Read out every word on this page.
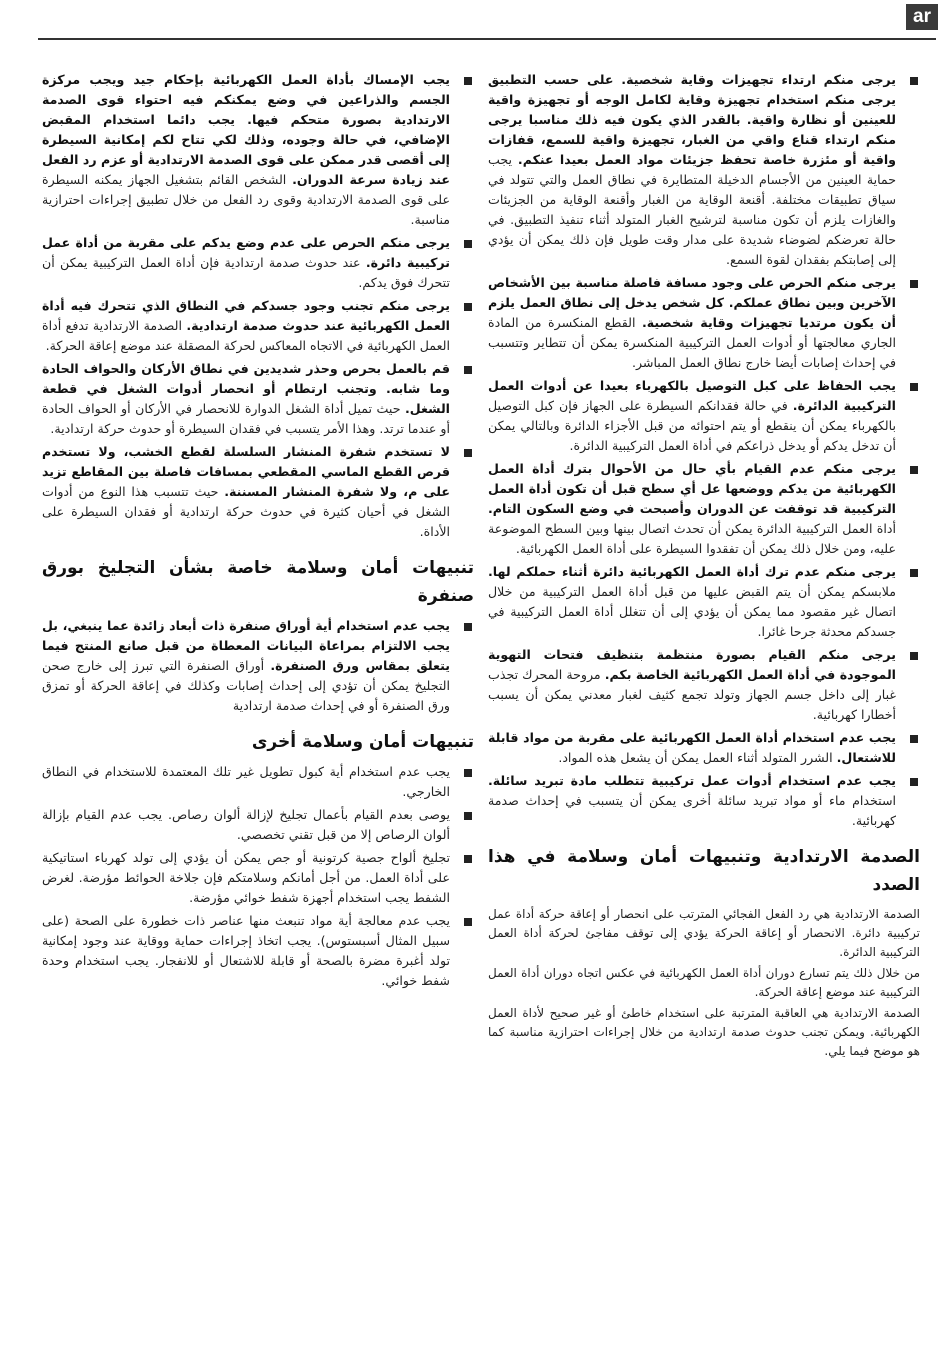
ar
يرجى منكم ارتداء تجهيزات وقاية شخصية. على حسب التطبيق يرجى منكم استخدام تجهيزة وقاية لكامل الوجه أو تجهيزة واقية للعينين أو نظارة واقية. بالقدر الذي يكون فيه ذلك مناسبا يرجى منكم ارتداء قناع واقي من الغبار، تجهيزة واقية للسمع، قفازات واقية أو مئزرة خاصة تحفظ جزيئات مواد العمل بعيدا عنكم. يجب حماية العينين من الأجسام الدخيلة المتطايرة في نطاق العمل والتي تتولد في سياق تطبيقات مختلفة. أقنعة الوقاية من الغبار وأقنعة الوقاية من الجزيئات والغازات يلزم أن تكون مناسبة لترشيح الغبار المتولد أثناء تنفيذ التطبيق. في حالة تعرضكم لضوضاء شديدة على مدار وقت طويل فإن ذلك يمكن أن يؤدي إلى إصابتكم بفقدان لقوة السمع.
يرجى منكم الحرص على وجود مسافة فاصلة مناسبة بين الأشخاص الآخرين وبين نطاق عملكم. كل شخص يدخل إلى نطاق العمل يلزم أن يكون مرتديا تجهيزات وقاية شخصية. القطع المنكسرة من المادة الجاري معالجتها أو أدوات العمل التركيبية المنكسرة يمكن أن تتطاير وتتسبب في إحداث إصابات أيضا خارج نطاق العمل المباشر.
يجب الحفاظ على كبل التوصيل بالكهرباء بعيدا عن أدوات العمل التركيبية الدائرة. في حالة فقدانكم السيطرة على الجهاز فإن كبل التوصيل بالكهرباء يمكن أن ينقطع أو يتم احتوائه من قبل الأجزاء الدائرة وبالتالي يمكن أن تدخل يدكم أو يدخل ذراعكم في أداة العمل التركيبية الدائرة.
يرجى منكم عدم القيام بأي حال من الأحوال بترك أداة العمل الكهربائية من يدكم ووضعها عل أي سطح قبل أن تكون أداة العمل التركيبية قد توقفت عن الدوران وأصبحت في وضع السكون التام. أداة العمل التركيبية الدائرة يمكن أن تحدث اتصال بينها وبين السطح الموضوعة عليه، ومن خلال ذلك يمكن أن تفقدوا السيطرة على أداة العمل الكهربائية.
يرجى منكم عدم ترك أداة العمل الكهربائية دائرة أثناء حملكم لها. ملابسكم يمكن أن يتم القبض عليها من قبل أداة العمل التركيبية من خلال اتصال غير مقصود مما يمكن أن يؤدي إلى أن تتغلل أداة العمل التركيبية في جسدكم محدثة جرحا غائرا.
يرجى منكم القيام بصورة منتظمة بتنظيف فتحات التهوية الموجودة في أداة العمل الكهربائية الخاصة بكم. مروحة المحرك تجذب غبار إلى داخل جسم الجهاز وتولد تجمع كثيف لغبار معدني يمكن أن يسبب أخطارا كهربائية.
يجب عدم استخدام أداة العمل الكهربائية على مقربة من مواد قابلة للاشتعال. الشرر المتولد أثناء العمل يمكن أن يشعل هذه المواد.
يجب عدم استخدام أدوات عمل تركيبية تتطلب مادة تبريد سائلة. استخدام ماء أو مواد تبريد سائلة أخرى يمكن أن يتسبب في إحداث صدمة كهربائية.
الصدمة الارتدادية وتنبيهات أمان وسلامة في هذا الصدد

الصدمة الارتدادية هي رد الفعل الفجائي المترتب على انحصار أو إعاقة حركة أداة عمل تركيبية دائرة. الانحصار أو إعاقة الحركة يؤدي إلى توقف مفاجئ لحركة أداة العمل التركيبية الدائرة.

من خلال ذلك يتم تسارع دوران أداة العمل الكهربائية في عكس اتجاه دوران أداة العمل التركيبية عند موضع إعاقة الحركة.

الصدمة الارتدادية هي العاقبة المترتبة على استخدام خاطئ أو غير صحيح لأداة العمل الكهربائية. ويمكن تجنب حدوث صدمة ارتدادية من خلال إجراءات احترازية مناسبة كما هو موضح فيما يلي.

يجب الإمساك بأداة العمل الكهربائية بإحكام جيد ويجب مركزة الجسم والذراعين في وضع يمكنكم فيه احتواء قوى الصدمة الارتدادية بصورة متحكم فيها. يجب دائما استخدام المقبض الإضافي، في حالة وجوده، وذلك لكي تتاح لكم إمكانية السيطرة إلى أقصى قدر ممكن على قوى الصدمة الارتدادية أو عزم رد الفعل عند زيادة سرعة الدوران. الشخص القائم بتشغيل الجهاز يمكنه السيطرة على قوى الصدمة الارتدادية وقوى رد الفعل من خلال تطبيق إجراءات احترازية مناسبة.
يرجى منكم الحرص على عدم وضع يدكم على مقربة من أداة عمل تركيبية دائرة. عند حدوث صدمة ارتدادية فإن أداة العمل التركيبية يمكن أن تتحرك فوق يدكم.
يرجى منكم تجنب وجود جسدكم في النطاق الذي تتحرك فيه أداة العمل الكهربائية عند حدوث صدمة ارتدادية. الصدمة الارتدادية تدفع أداة العمل الكهربائية في الاتجاه المعاكس لحركة المصقلة عند موضع إعاقة الحركة.
قم بالعمل بحرص وحذر شديدين في نطاق الأركان والحواف الحادة وما شابه. وتجنب ارتطام أو انحصار أدوات الشغل في قطعة الشغل. حيث تميل أداة الشغل الدوارة للانحصار في الأركان أو الحواف الحادة أو عندما ترتد. وهذا الأمر يتسبب في فقدان السيطرة أو حدوث حركة ارتدادية.
لا تستخدم شفرة المنشار السلسلة لقطع الخشب، ولا تستخدم قرص القطع الماسي المقطعي بمسافات فاصلة بين المقاطع تزيد على م، ولا شفرة المنشار المسننة. حيث تتسبب هذا النوع من أدوات الشغل في أحيان كثيرة في حدوث حركة ارتدادية أو فقدان السيطرة على الأداة.
تنبيهات أمان وسلامة خاصة بشأن التجليخ بورق صنفرة
يجب عدم استخدام أية أوراق صنفرة ذات أبعاد زائدة عما ينبغي، بل يجب الالتزام بمراعاة البيانات المعطاة من قبل صانع المنتج فيما يتعلق بمقاس ورق الصنفرة. أوراق الصنفرة التي تبرز إلى خارج صحن التجليخ يمكن أن تؤدي إلى إحداث إصابات وكذلك في إعاقة الحركة أو تمزق ورق الصنفرة أو في إحداث صدمة ارتدادية
تنبيهات أمان وسلامة أخرى
يجب عدم استخدام أية كبول تطويل غير تلك المعتمدة للاستخدام في النطاق الخارجي.
يوصى بعدم القيام بأعمال تجليخ لإزالة ألوان رصاص. يجب عدم القيام بإزالة ألوان الرصاص إلا من قبل تقني تخصصي.
تجليخ ألواح جصية كرتونية أو جص يمكن أن يؤدي إلى تولد كهرباء استاتيكية على أداة العمل. من أجل أمانكم وسلامتكم فإن جلاخة الحوائط مؤرضة. لغرض الشفط يجب استخدام أجهزة شفط خوائي مؤرضة.
يجب عدم معالجة أية مواد تنبعث منها عناصر ذات خطورة على الصحة (على سبيل المثال أسبستوس). يجب اتخاذ إجراءات حماية ووقاية عند وجود إمكانية تولد أغبرة مضرة بالصحة أو قابلة للاشتعال أو للانفجار. يجب استخدام وحدة شفط خوائي.
